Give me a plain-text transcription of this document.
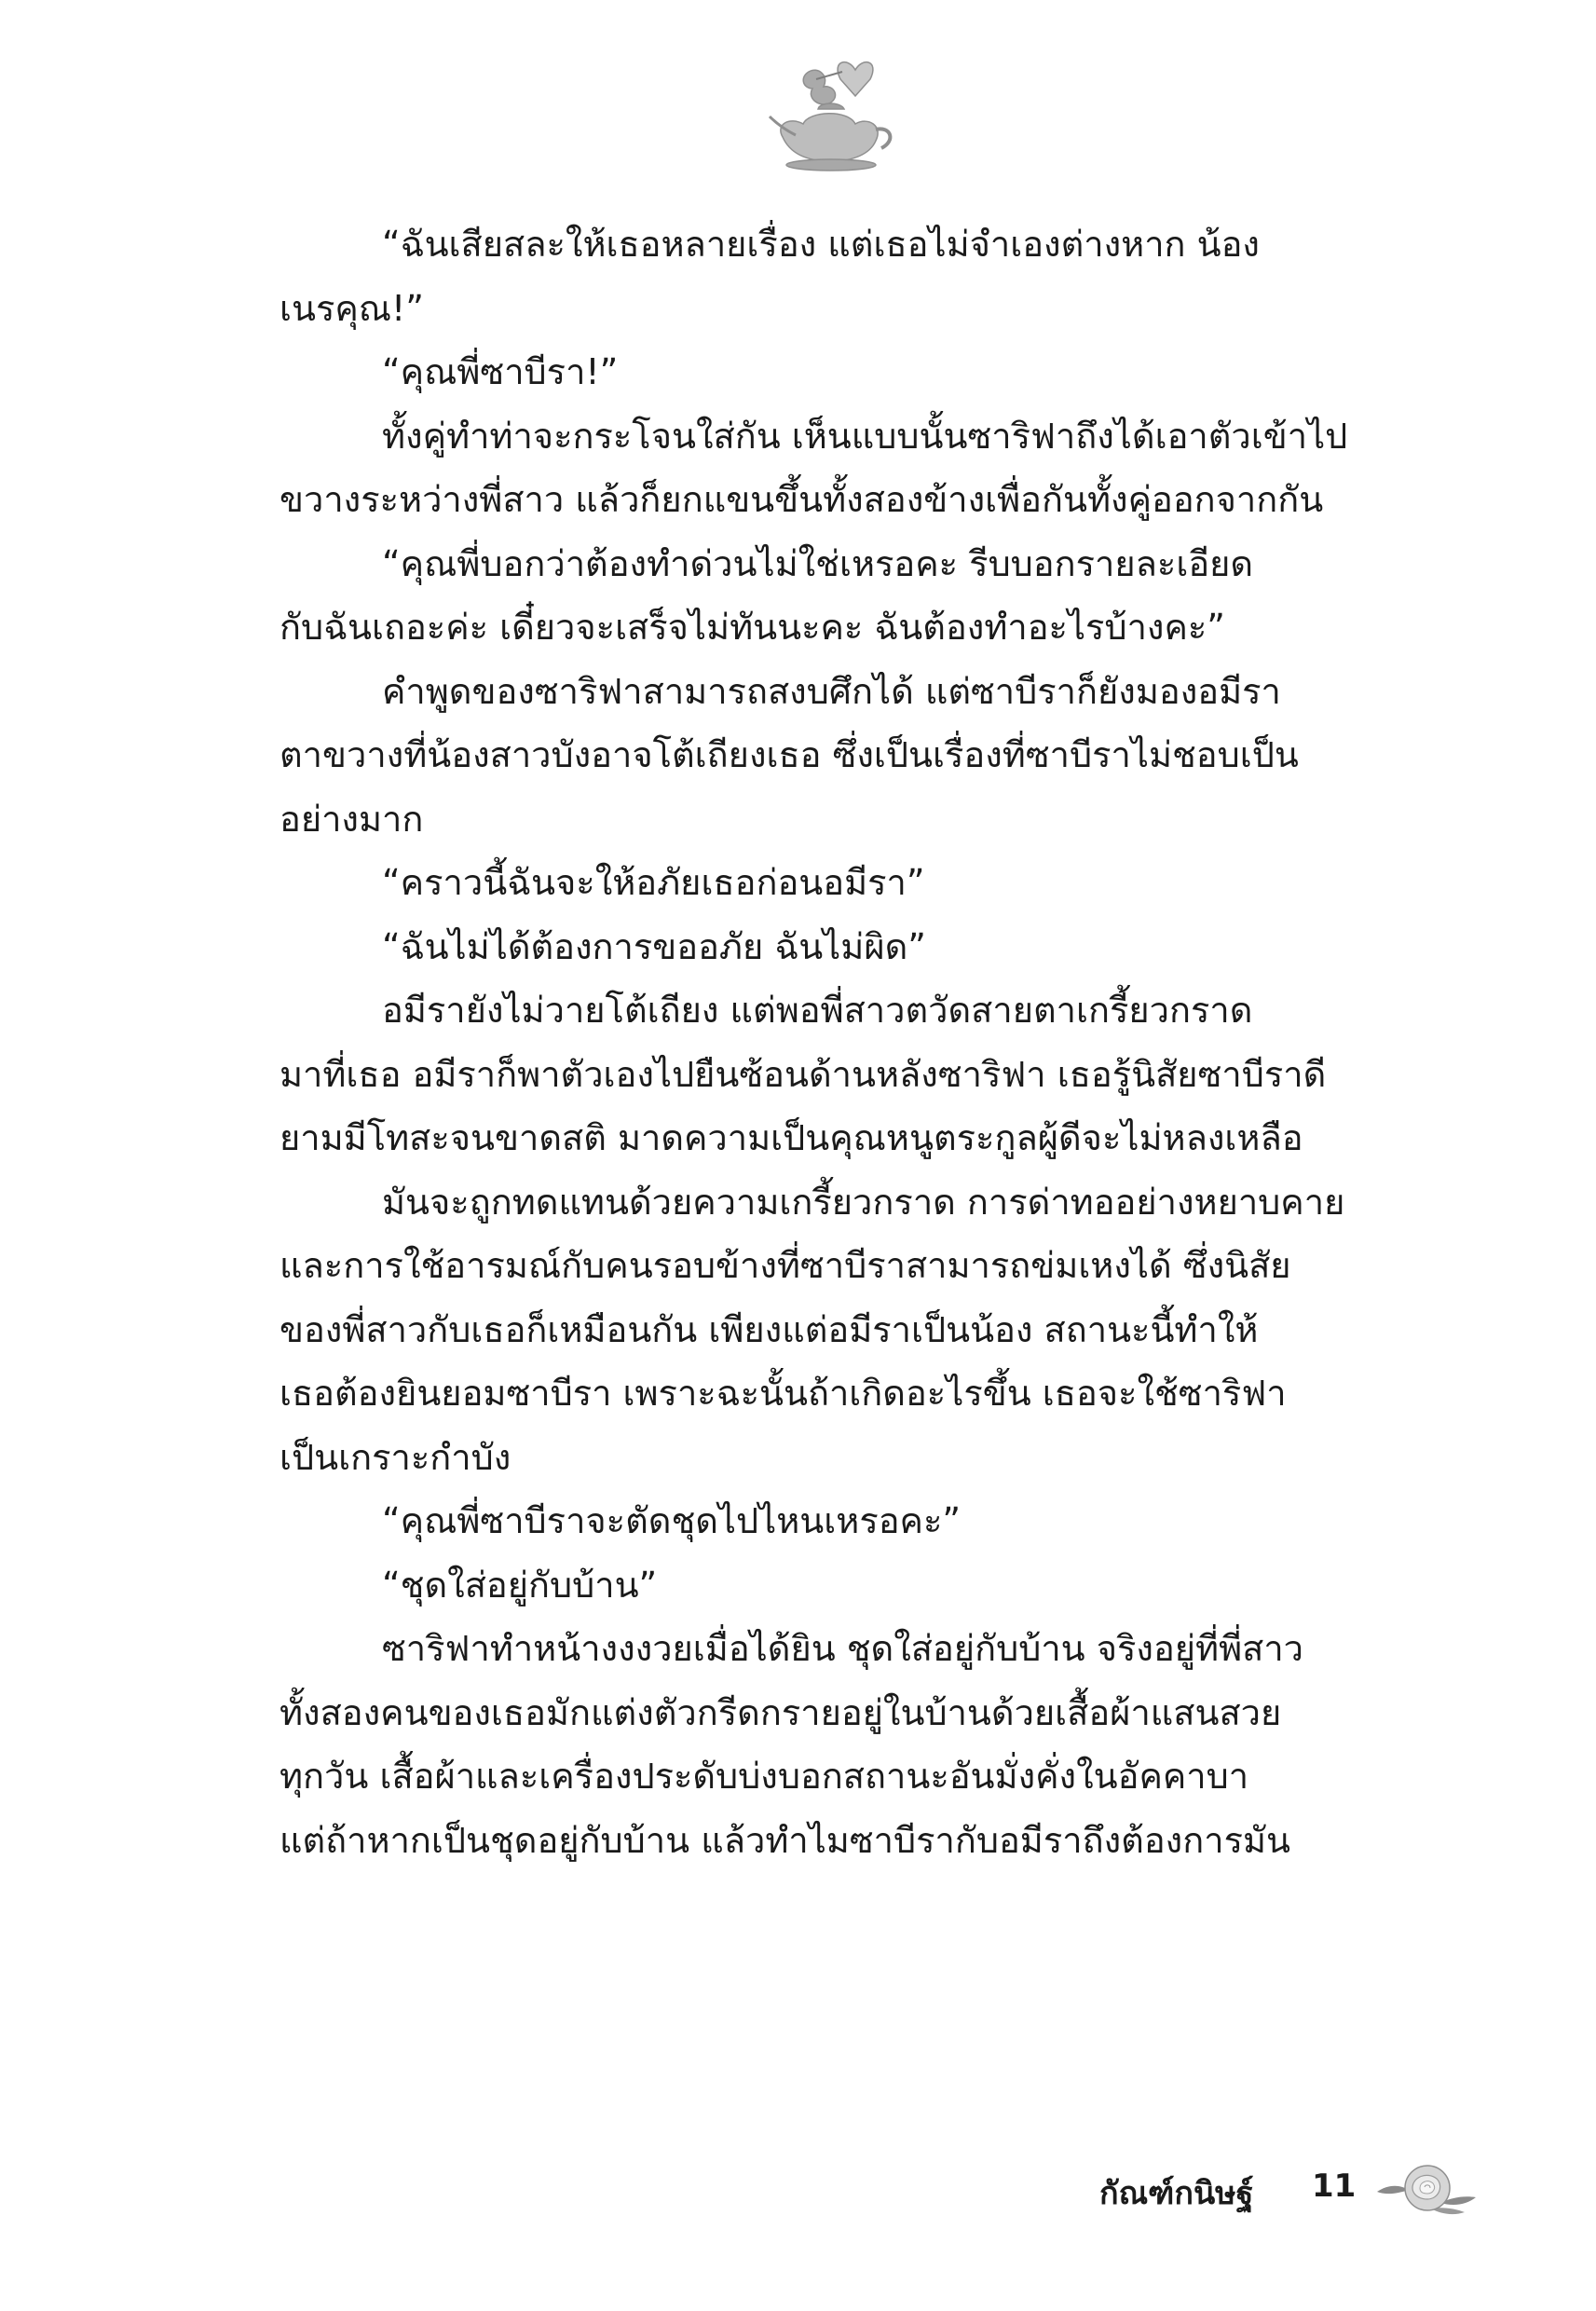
“ฉันเสียสละให้เธอหลายเรื่อง แต่เธอไม่จำเองต่างหาก น้อง

เนรคุณ!”

“คุณพี่ซาบีรา!”

ทั้งคู่ทำท่าจะกระโจนใส่กัน เห็นแบบนั้นซาริฟาถึงได้เอาตัวเข้าไป

ขวางระหว่างพี่สาว แล้วก็ยกแขนขึ้นทั้งสองข้างเพื่อกันทั้งคู่ออกจากกัน

“คุณพี่บอกว่าต้องทำด่วนไม่ใช่เหรอคะ รีบบอกรายละเอียด

กับฉันเถอะค่ะ เดี๋ยวจะเสร็จไม่ทันนะคะ ฉันต้องทำอะไรบ้างคะ”

คำพูดของซาริฟาสามารถสงบศึกได้ แต่ซาบีราก็ยังมองอมีรา

ตาขวางที่น้องสาวบังอาจโต้เถียงเธอ ซึ่งเป็นเรื่องที่ซาบีราไม่ชอบเป็น

อย่างมาก

“คราวนี้ฉันจะให้อภัยเธอก่อนอมีรา”

“ฉันไม่ได้ต้องการขออภัย ฉันไม่ผิด”

อมีรายังไม่วายโต้เถียง แต่พอพี่สาวตวัดสายตาเกรี้ยวกราด

มาที่เธอ อมีราก็พาตัวเองไปยืนซ้อนด้านหลังซาริฟา เธอรู้นิสัยซาบีราดี

ยามมีโทสะจนขาดสติ มาดความเป็นคุณหนูตระกูลผู้ดีจะไม่หลงเหลือ

มันจะถูกทดแทนด้วยความเกรี้ยวกราด การด่าทออย่างหยาบคาย

และการใช้อารมณ์กับคนรอบข้างที่ซาบีราสามารถข่มเหงได้ ซึ่งนิสัย

ของพี่สาวกับเธอก็เหมือนกัน เพียงแต่อมีราเป็นน้อง สถานะนี้ทำให้

เธอต้องยินยอมซาบีรา เพราะฉะนั้นถ้าเกิดอะไรขึ้น เธอจะใช้ซาริฟา

เป็นเกราะกำบัง

“คุณพี่ซาบีราจะตัดชุดไปไหนเหรอคะ”

“ชุดใส่อยู่กับบ้าน”

ซาริฟาทำหน้างงงวยเมื่อได้ยิน ชุดใส่อยู่กับบ้าน จริงอยู่ที่พี่สาว

ทั้งสองคนของเธอมักแต่งตัวกรีดกรายอยู่ในบ้านด้วยเสื้อผ้าแสนสวย

ทุกวัน เสื้อผ้าและเครื่องประดับบ่งบอกสถานะอันมั่งคั่งในอัคคาบา

แต่ถ้าหากเป็นชุดอยู่กับบ้าน แล้วทำไมซาบีรากับอมีราถึงต้องการมัน

กัณฑ์กนิษฐ์ 11
